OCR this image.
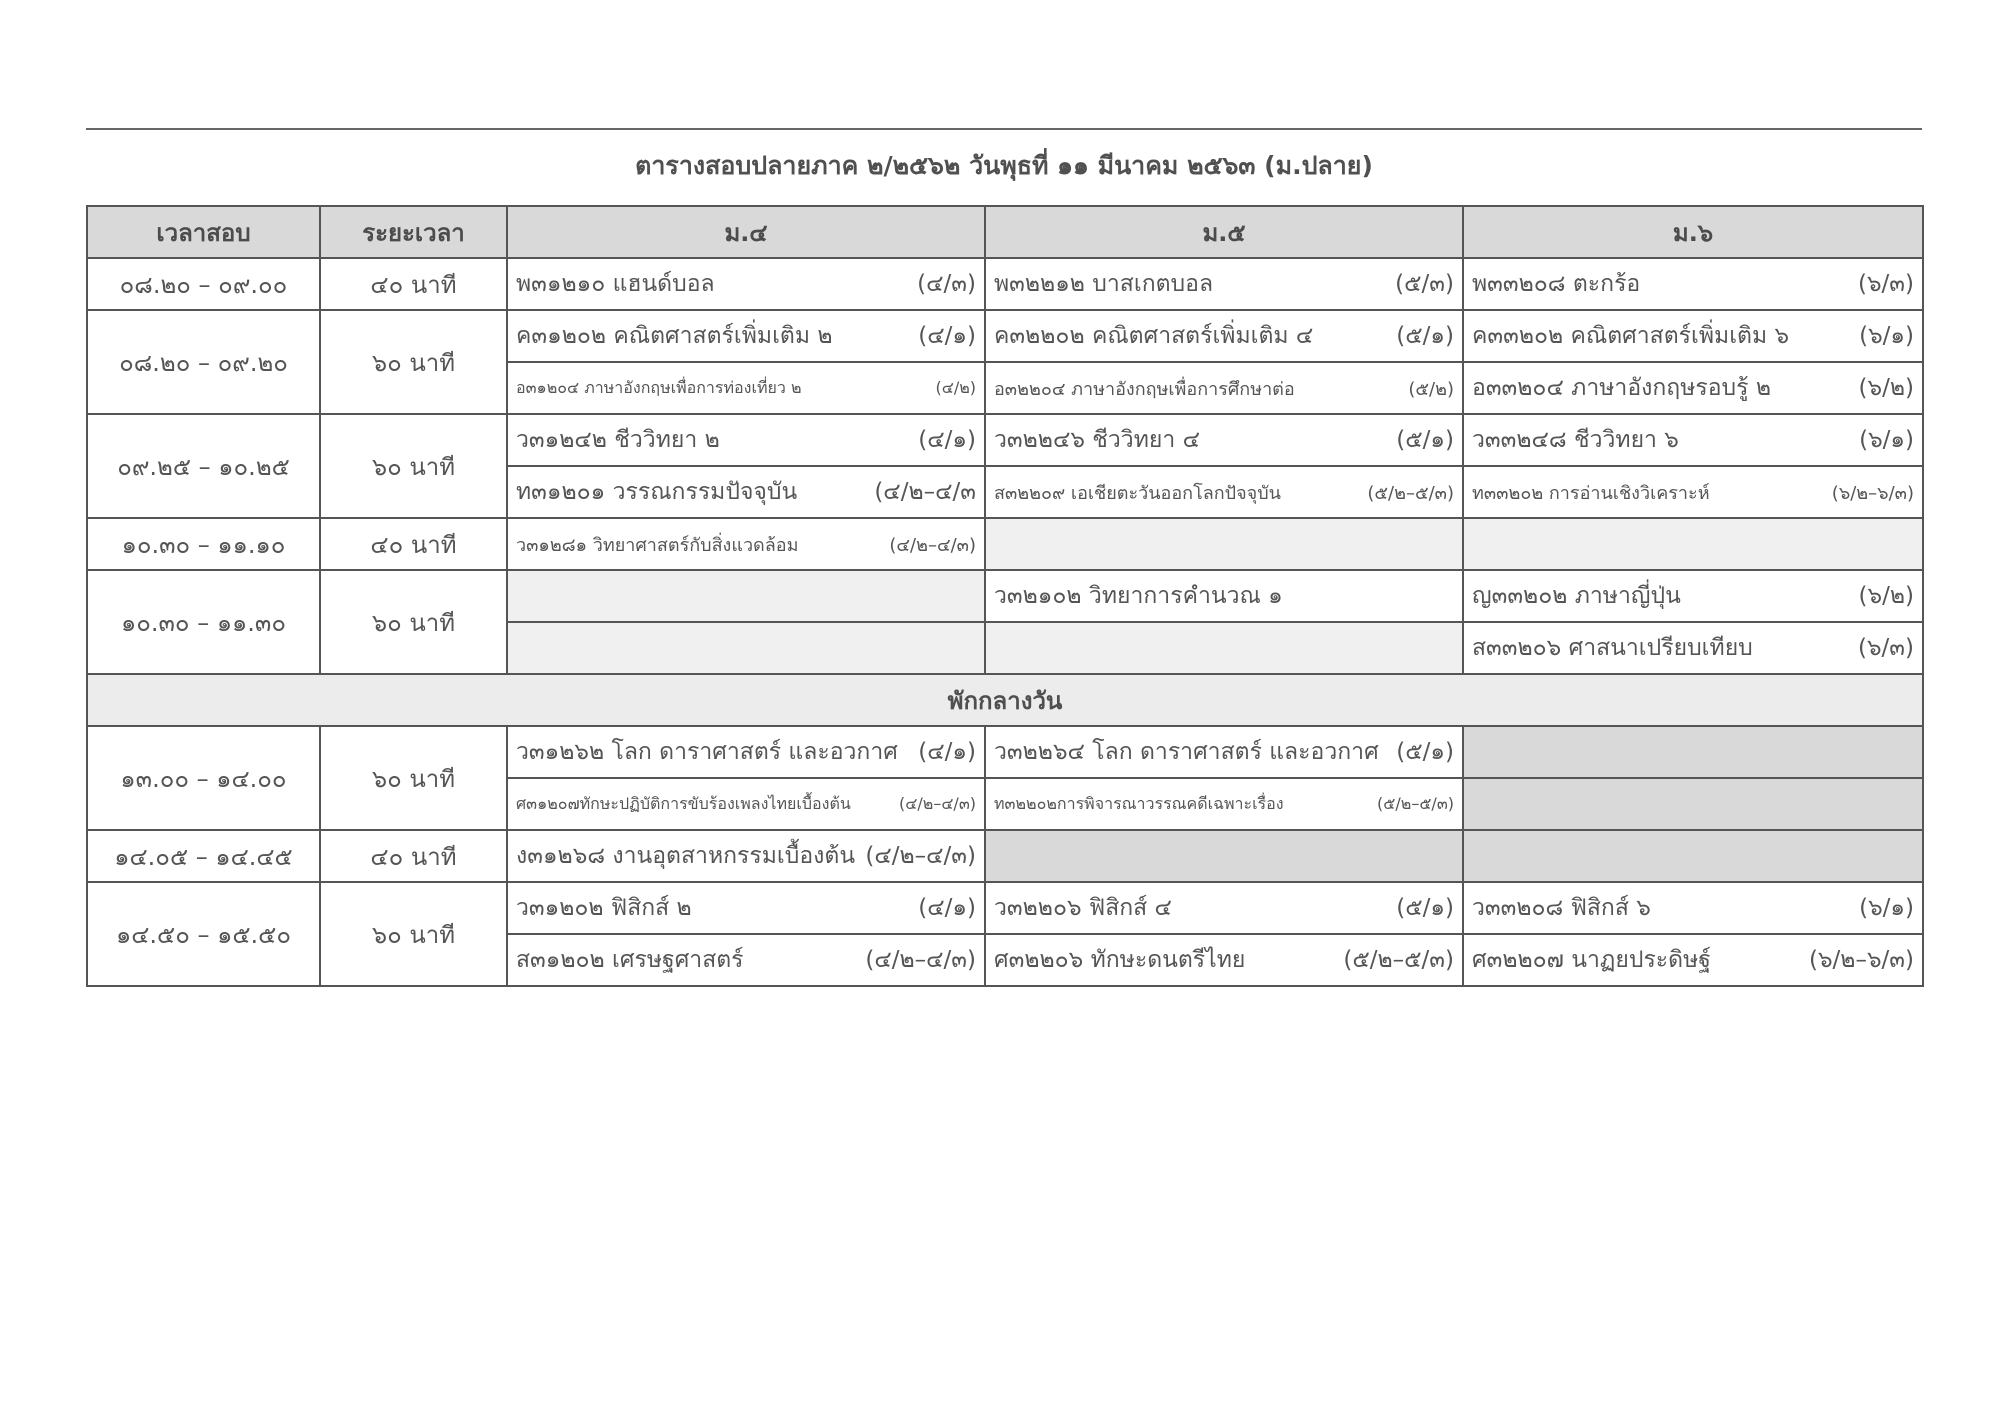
ตารางสอบปลายภาค ๒/๒๕๖๒ วันพุธที่ ๑๑ มีนาคม ๒๕๖๓ (ม.ปลาย)
เวลาสอบ	ระยะเวลา	ม.๔	ม.๕	ม.๖
๐๘.๒๐ – ๐๙.๐๐	๔๐ นาที	พ๓๑๒๑๐ แฮนด์บอล (๔/๓)	พ๓๒๒๑๒ บาสเกตบอล (๕/๓)	พ๓๓๒๐๘ ตะกร้อ (๖/๓)

๐๘.๒๐ – ๐๙.๒๐	๖๐ นาที	ค๓๑๒๐๒ คณิตศาสตร์เพิ่มเติม ๒ (๔/๑)	ค๓๒๒๐๒ คณิตศาสตร์เพิ่มเติม ๔ (๕/๑)	ค๓๓๒๐๒ คณิตศาสตร์เพิ่มเติม ๖ (๖/๑)

		อ๓๑๒๐๔ ภาษาอังกฤษเพื่อการท่องเที่ยว ๒ (๔/๒)	อ๓๒๒๐๔ ภาษาอังกฤษเพื่อการศึกษาต่อ (๕/๒)	อ๓๓๒๐๔ ภาษาอังกฤษรอบรู้ ๒ (๖/๒)

๐๙.๒๕ – ๑๐.๒๕	๖๐ นาที	ว๓๑๒๔๒ ชีววิทยา ๒ (๔/๑)	ว๓๒๒๔๖ ชีววิทยา ๔ (๕/๑)	ว๓๓๒๔๘ ชีววิทยา ๖ (๖/๑)

		ท๓๑๒๐๑ วรรณกรรมปัจจุบัน (๔/๒–๔/๓	ส๓๒๒๐๙ เอเชียตะวันออกโลกปัจจุบัน (๕/๒–๕/๓)	ท๓๓๒๐๒ การอ่านเชิงวิเคราะห์ (๖/๒–๖/๓)

๑๐.๓๐ – ๑๑.๑๐	๔๐ นาที	ว๓๑๒๘๑ วิทยาศาสตร์กับสิ่งแวดล้อม (๔/๒–๔/๓)		

๑๐.๓๐ – ๑๑.๓๐	๖๐ นาที		ว๓๒๑๐๒ วิทยาการคำนวณ ๑	ญ๓๓๒๐๒ ภาษาญี่ปุ่น (๖/๒)

				ส๓๓๒๐๖ ศาสนาเปรียบเทียบ (๖/๓)

พักกลางวัน				
๑๓.๐๐ – ๑๔.๐๐	๖๐ นาที	ว๓๑๒๖๒ โลก ดาราศาสตร์ และอวกาศ (๔/๑)	ว๓๒๒๖๔ โลก ดาราศาสตร์ และอวกาศ (๕/๑)	

		ศ๓๑๒๐๗ทักษะปฏิบัติการขับร้องเพลงไทยเบื้องต้น (๔/๒–๔/๓)	ท๓๒๒๐๒การพิจารณาวรรณคดีเฉพาะเรื่อง (๕/๒–๕/๓)	

๑๔.๐๕ – ๑๔.๔๕	๔๐ นาที	ง๓๑๒๖๘ งานอุตสาหกรรมเบื้องต้น (๔/๒–๔/๓)		

๑๔.๕๐ – ๑๕.๕๐	๖๐ นาที	ว๓๑๒๐๒ ฟิสิกส์ ๒ (๔/๑)	ว๓๒๒๐๖ ฟิสิกส์ ๔ (๕/๑)	ว๓๓๒๐๘ ฟิสิกส์ ๖ (๖/๑)

		ส๓๑๒๐๒ เศรษฐศาสตร์ (๔/๒–๔/๓)	ศ๓๒๒๐๖ ทักษะดนตรีไทย (๕/๒–๕/๓)	ศ๓๒๒๐๗ นาฏยประดิษฐ์ (๖/๒–๖/๓)
